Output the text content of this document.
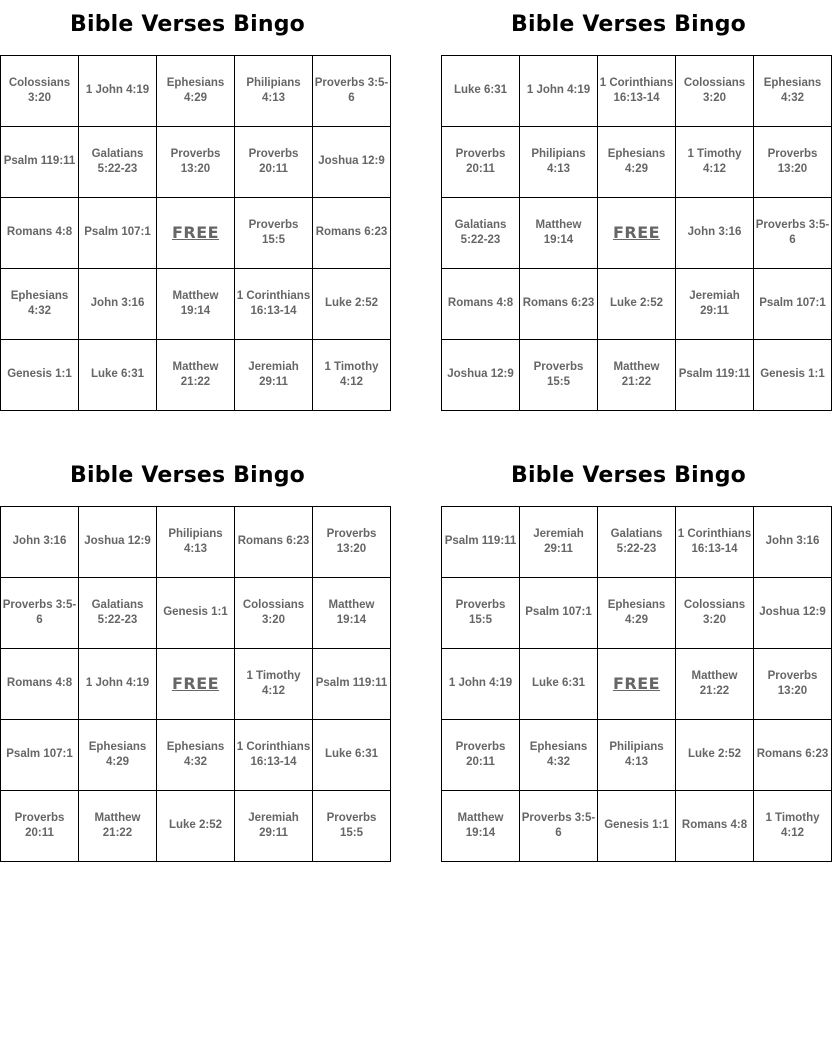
Bible Verses Bingo
Colossians 3:20	1 John 4:19	Ephesians 4:29	Philipians 4:13	Proverbs 3:5-6
Psalm 119:11	Galatians 5:22-23	Proverbs 13:20	Proverbs 20:11	Joshua 12:9
Romans 4:8	Psalm 107:1	FREE	Proverbs 15:5	Romans 6:23
Ephesians 4:32	John 3:16	Matthew 19:14	1 Corinthians 16:13-14	Luke 2:52
Genesis 1:1	Luke 6:31	Matthew 21:22	Jeremiah 29:11	1 Timothy 4:12
Bible Verses Bingo
Luke 6:31	1 John 4:19	1 Corinthians 16:13-14	Colossians 3:20	Ephesians 4:32
Proverbs 20:11	Philipians 4:13	Ephesians 4:29	1 Timothy 4:12	Proverbs 13:20
Galatians 5:22-23	Matthew 19:14	FREE	John 3:16	Proverbs 3:5-6
Romans 4:8	Romans 6:23	Luke 2:52	Jeremiah 29:11	Psalm 107:1
Joshua 12:9	Proverbs 15:5	Matthew 21:22	Psalm 119:11	Genesis 1:1
Bible Verses Bingo
John 3:16	Joshua 12:9	Philipians 4:13	Romans 6:23	Proverbs 13:20
Proverbs 3:5-6	Galatians 5:22-23	Genesis 1:1	Colossians 3:20	Matthew 19:14
Romans 4:8	1 John 4:19	FREE	1 Timothy 4:12	Psalm 119:11
Psalm 107:1	Ephesians 4:29	Ephesians 4:32	1 Corinthians 16:13-14	Luke 6:31
Proverbs 20:11	Matthew 21:22	Luke 2:52	Jeremiah 29:11	Proverbs 15:5
Bible Verses Bingo
Psalm 119:11	Jeremiah 29:11	Galatians 5:22-23	1 Corinthians 16:13-14	John 3:16
Proverbs 15:5	Psalm 107:1	Ephesians 4:29	Colossians 3:20	Joshua 12:9
1 John 4:19	Luke 6:31	FREE	Matthew 21:22	Proverbs 13:20
Proverbs 20:11	Ephesians 4:32	Philipians 4:13	Luke 2:52	Romans 6:23
Matthew 19:14	Proverbs 3:5-6	Genesis 1:1	Romans 4:8	1 Timothy 4:12
